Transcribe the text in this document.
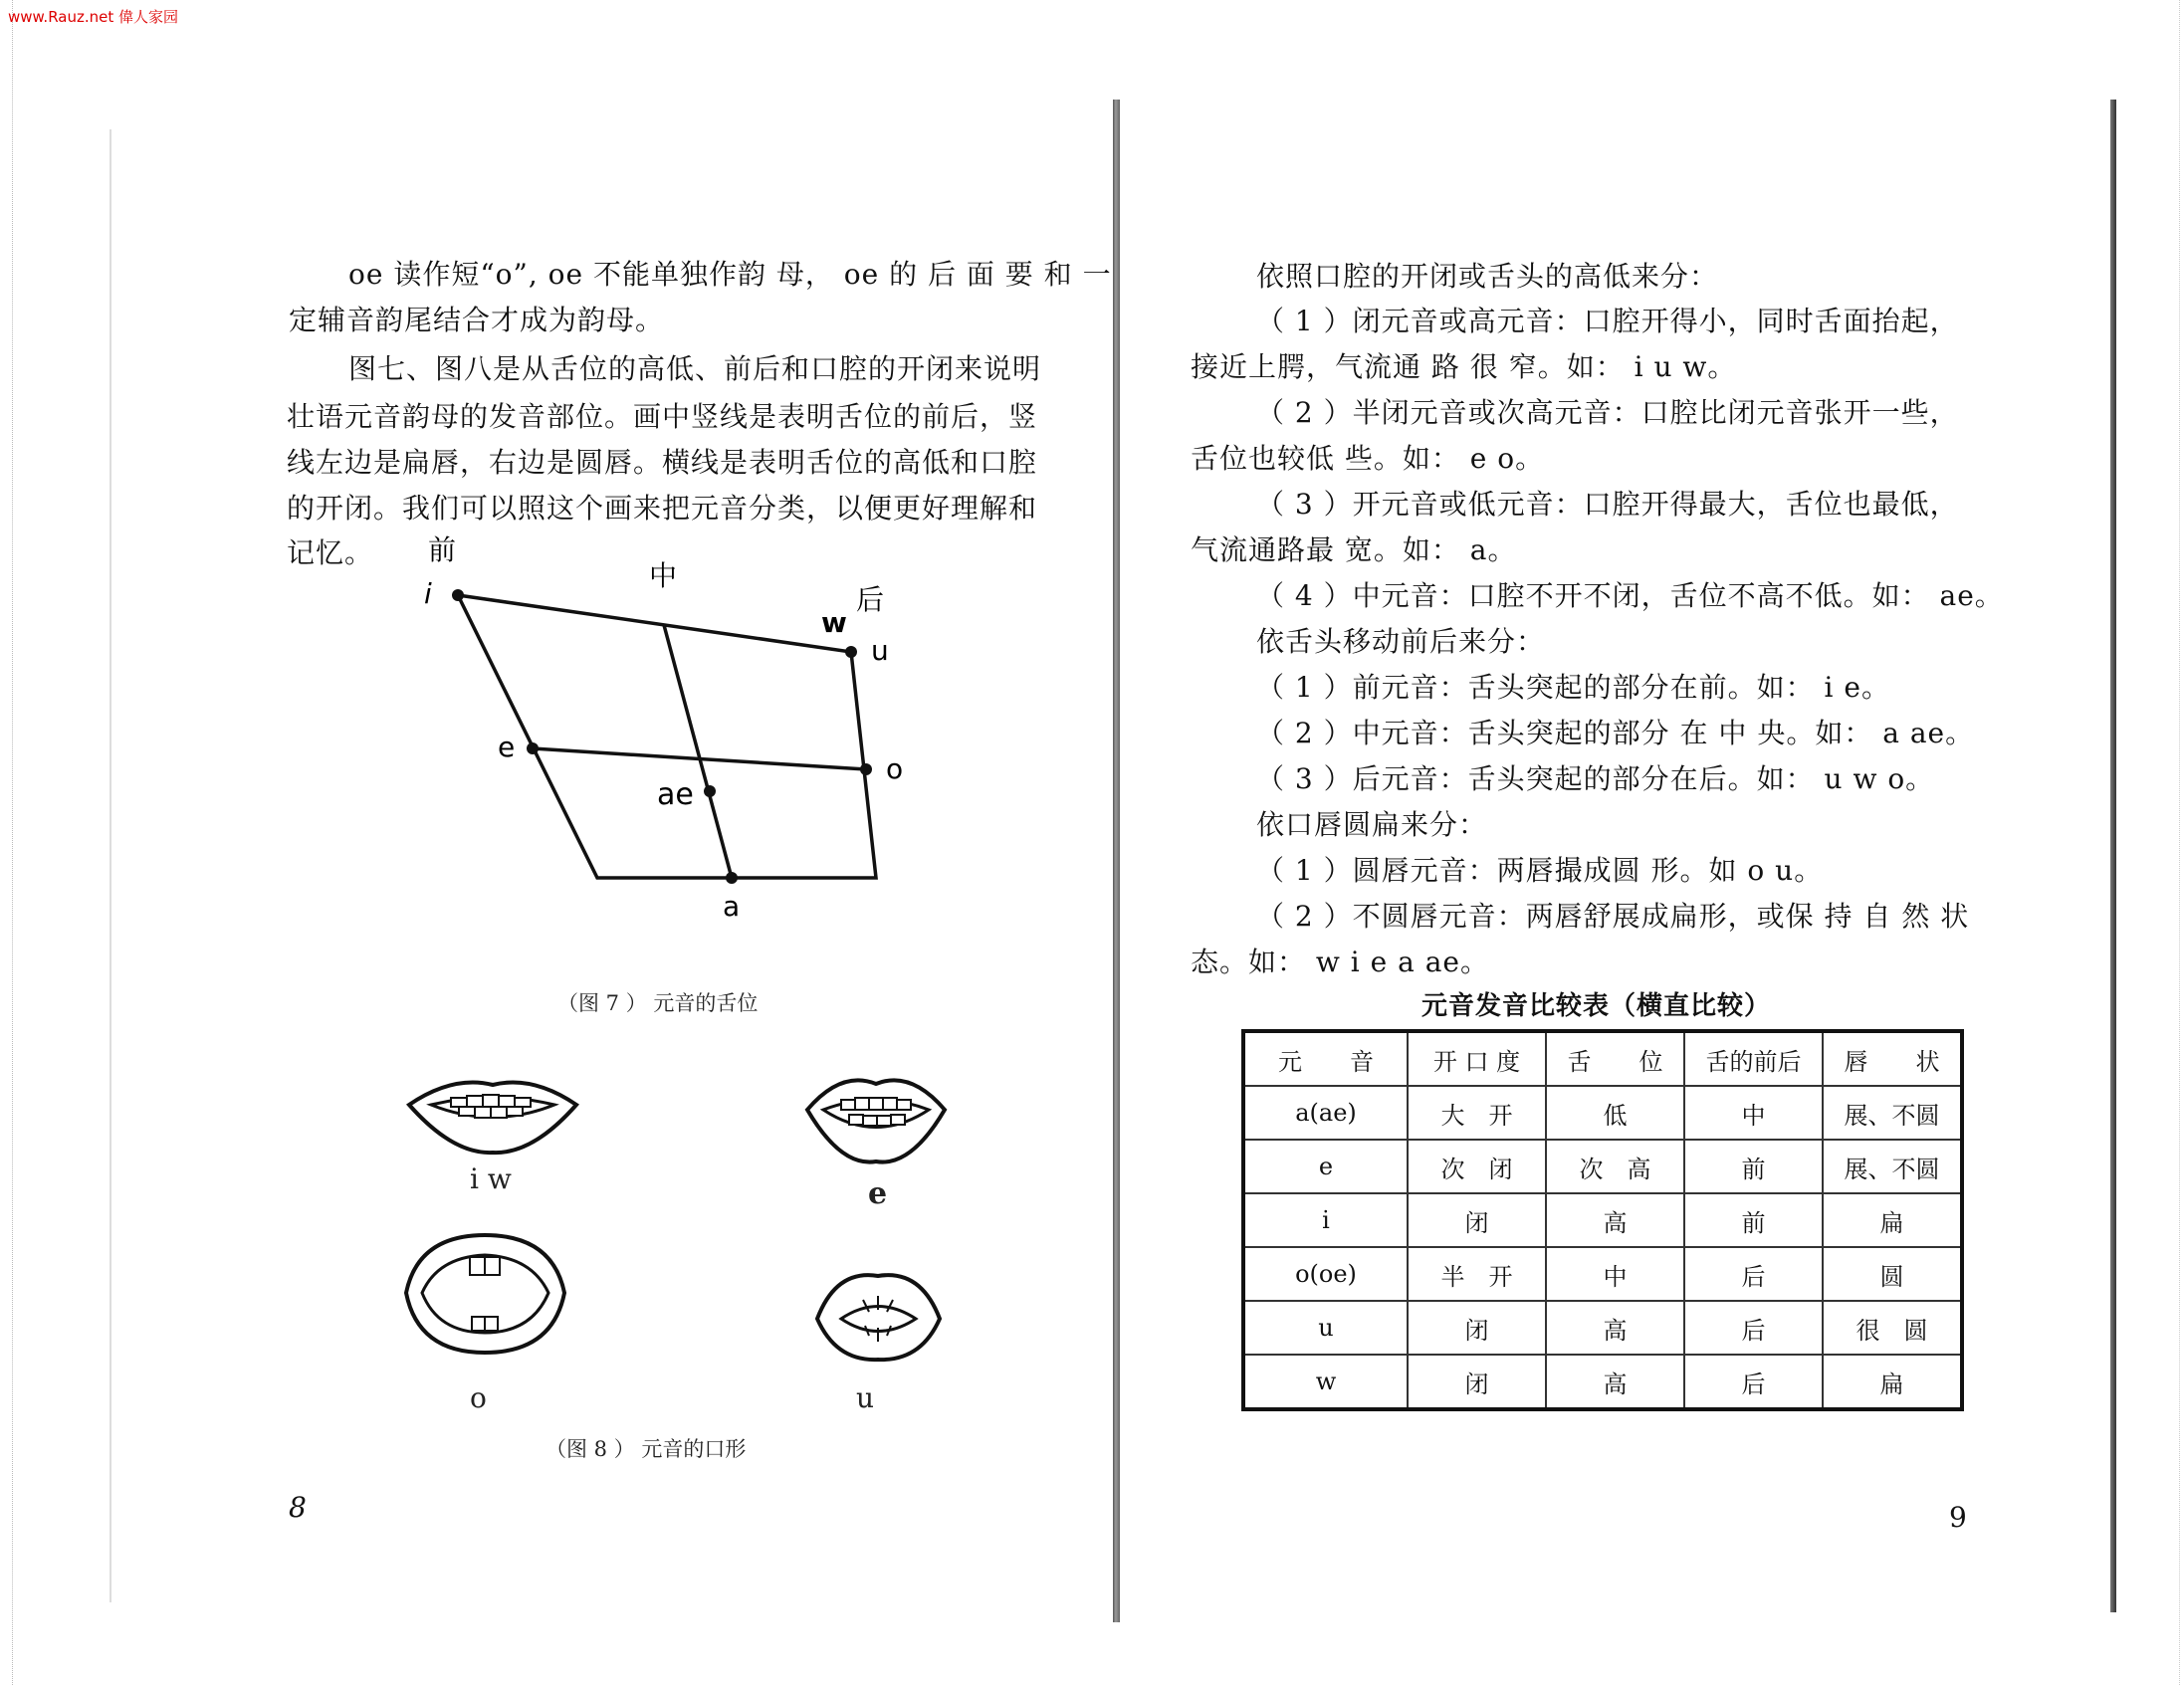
www.Rauz.net 偉人家园
oe 读作短“o”, oe 不能单独作韵 母， oe 的 后 面 要 和 一
定辅音韵尾结合才成为韵母。
图七、图八是从舌位的高低、前后和口腔的开闭来说明
壮语元音韵母的发音部位。画中竖线是表明舌位的前后，竖
线左边是扁唇，右边是圆唇。横线是表明舌位的高低和口腔
的开闭。我们可以照这个画来把元音分类，以便更好理解和
记忆。 前
中
后
i
w
u
e
o
ae
a
（图 7 ） 元音的舌位
i w	e
o	u
（图 8 ） 元音的口形
8
依照口腔的开闭或舌头的高低来分：
（ 1 ）闭元音或高元音：口腔开得小，同时舌面抬起，
接近上腭，气流通 路 很 窄。如： i u w。
（ 2 ）半闭元音或次高元音：口腔比闭元音张开一些，
舌位也较低 些。如： e o。
（ 3 ）开元音或低元音：口腔开得最大，舌位也最低，
气流通路最 宽。如： a。
（ 4 ）中元音：口腔不开不闭，舌位不高不低。如： ae。
依舌头移动前后来分：
（ 1 ）前元音：舌头突起的部分在前。如： i e。
（ 2 ）中元音：舌头突起的部分 在 中 央。如： a ae。
（ 3 ）后元音：舌头突起的部分在后。如： u w o。
依口唇圆扁来分：
（ 1 ）圆唇元音：两唇撮成圆 形。如 o u。
（ 2 ）不圆唇元音：两唇舒展成扁形，或保 持 自 然 状
态。如： w i e a ae。
元音发音比较表（横直比较）
元　　音	开 口 度	舌　　位	舌的前后	唇　　状
a(ae)	大　开	低	中	展、不圆
e	次　闭	次　高	前	展、不圆
i	闭	高	前	扁
o(oe)	半　开	中	后	圆
u	闭	高	后	很　圆
w	闭	高	后	扁
9
